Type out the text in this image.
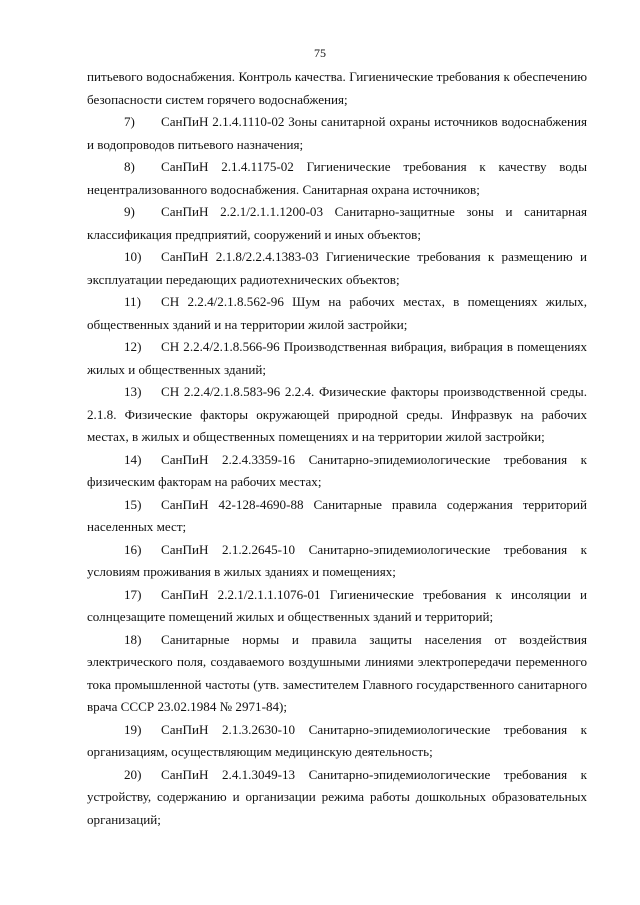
75

питьевого водоснабжения. Контроль качества. Гигиенические требования к обеспечению безопасности систем горячего водоснабжения;

7) СанПиН 2.1.4.1110-02 Зоны санитарной охраны источников водоснабжения и водопроводов питьевого назначения;

8) СанПиН 2.1.4.1175-02 Гигиенические требования к качеству воды нецентрализованного водоснабжения. Санитарная охрана источников;

9) СанПиН 2.2.1/2.1.1.1200-03 Санитарно-защитные зоны и санитарная классификация предприятий, сооружений и иных объектов;

10) СанПиН 2.1.8/2.2.4.1383-03 Гигиенические требования к размещению и эксплуатации передающих радиотехнических объектов;

11) СН 2.2.4/2.1.8.562-96 Шум на рабочих местах, в помещениях жилых, общественных зданий и на территории жилой застройки;

12) СН 2.2.4/2.1.8.566-96 Производственная вибрация, вибрация в помещениях жилых и общественных зданий;

13) СН 2.2.4/2.1.8.583-96 2.2.4. Физические факторы производственной среды. 2.1.8. Физические факторы окружающей природной среды. Инфразвук на рабочих местах, в жилых и общественных помещениях и на территории жилой застройки;

14) СанПиН 2.2.4.3359-16 Санитарно-эпидемиологические требования к физическим факторам на рабочих местах;

15) СанПиН 42-128-4690-88 Санитарные правила содержания территорий населенных мест;

16) СанПиН 2.1.2.2645-10 Санитарно-эпидемиологические требования к условиям проживания в жилых зданиях и помещениях;

17) СанПиН 2.2.1/2.1.1.1076-01 Гигиенические требования к инсоляции и солнцезащите помещений жилых и общественных зданий и территорий;

18) Санитарные нормы и правила защиты населения от воздействия электрического поля, создаваемого воздушными линиями электропередачи переменного тока промышленной частоты (утв. заместителем Главного государственного санитарного врача СССР 23.02.1984 № 2971-84);

19) СанПиН 2.1.3.2630-10 Санитарно-эпидемиологические требования к организациям, осуществляющим медицинскую деятельность;

20) СанПиН 2.4.1.3049-13 Санитарно-эпидемиологические требования к устройству, содержанию и организации режима работы дошкольных образовательных организаций;
